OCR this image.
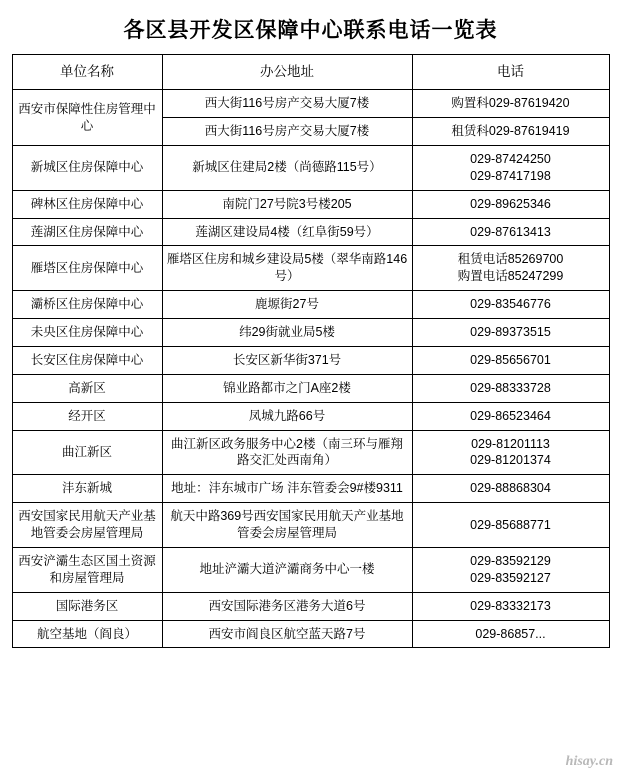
各区县开发区保障中心联系电话一览表
单位名称	办公地址	电话

西安市保障性住房管理中心	西大街116号房产交易大厦7楼	购置科029-87619420

	西大街116号房产交易大厦7楼	租赁科029-87619419

新城区住房保障中心	新城区住建局2楼（尚德路115号）	029-87424250
029-87417198

碑林区住房保障中心	南院门27号院3号楼205	029-89625346

莲湖区住房保障中心	莲湖区建设局4楼（红阜街59号）	029-87613413

雁塔区住房保障中心	雁塔区住房和城乡建设局5楼（翠华南路146号）	租赁电话85269700
购置电话85247299

灞桥区住房保障中心	鹿塬街27号	029-83546776

未央区住房保障中心	纬29街就业局5楼	029-89373515

长安区住房保障中心	长安区新华街371号	029-85656701

高新区	锦业路都市之门A座2楼	029-88333728

经开区	凤城九路66号	029-86523464

曲江新区	曲江新区政务服务中心2楼（南三环与雁翔路交汇处西南角）	029-81201113
029-81201374

沣东新城	地址：沣东城市广场 沣东管委会9#楼9311	029-88868304

西安国家民用航天产业基地管委会房屋管理局	航天中路369号西安国家民用航天产业基地管委会房屋管理局	029-85688771

西安浐灞生态区国土资源和房屋管理局	地址浐灞大道浐灞商务中心一楼	029-83592129
029-83592127

国际港务区	西安国际港务区港务大道6号	029-83332173

航空基地（阎良）	西安市阎良区航空蓝天路7号	029-86857...
hisay.cn
